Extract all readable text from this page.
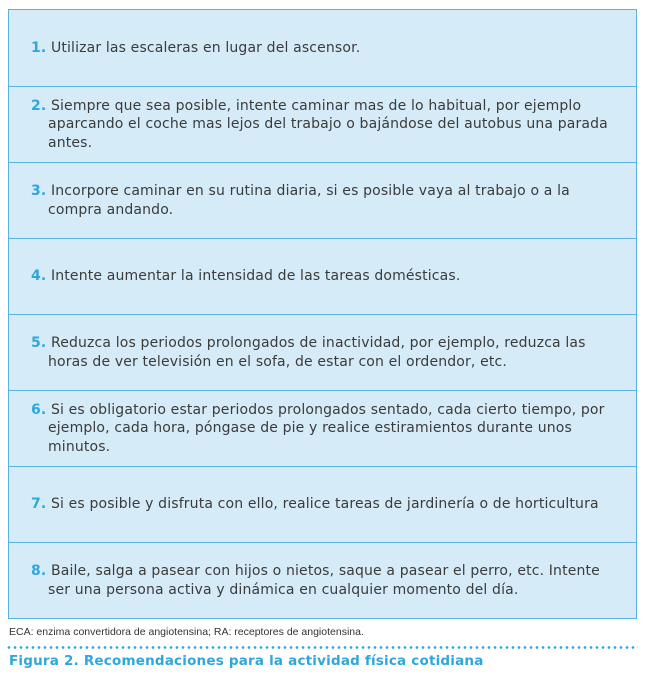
1. Utilizar las escaleras en lugar del ascensor.
2. Siempre que sea posible, intente caminar mas de lo habitual, por ejemplo aparcando el coche mas lejos del trabajo o bajándose del autobus una parada antes.
3. Incorpore caminar en su rutina diaria, si es posible vaya al trabajo o a la compra andando.
4. Intente aumentar la intensidad de las tareas domésticas.
5. Reduzca los periodos prolongados de inactividad, por ejemplo, reduzca las horas de ver televisión en el sofa, de estar con el ordendor, etc.
6. Si es obligatorio estar periodos prolongados sentado, cada cierto tiempo, por ejemplo, cada hora, póngase de pie y realice estiramientos durante unos minutos.
7. Si es posible y disfruta con ello, realice tareas de jardinería o de horticultura
8. Baile, salga a pasear con hijos o nietos, saque a pasear el perro, etc. Intente ser una persona activa y dinámica en cualquier momento del día.
ECA: enzima convertidora de angiotensina; RA: receptores de angiotensina.
Figura 2. Recomendaciones para la actividad física cotidiana
